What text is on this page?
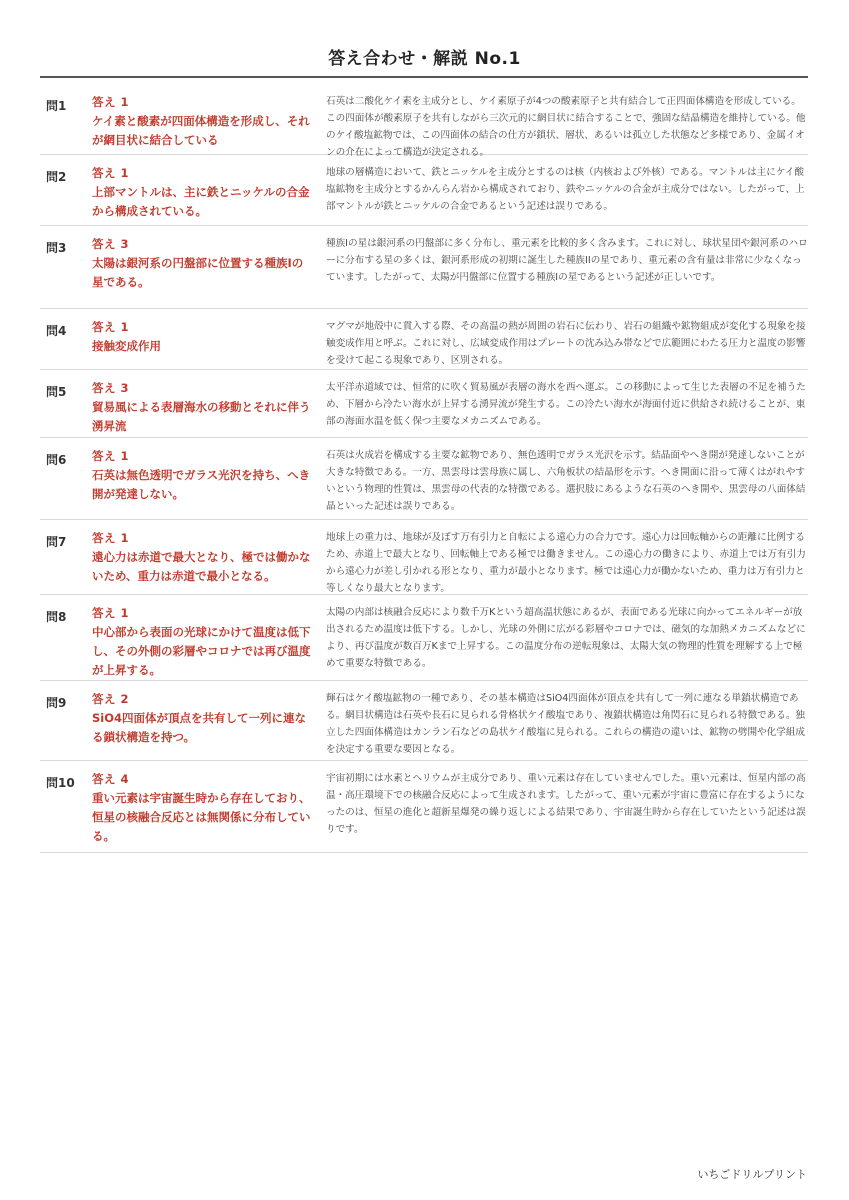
答え合わせ・解説 No.1
問1	答え 1
ケイ素と酸素が四面体構造を形成し、それが網目状に結合している
石英は二酸化ケイ素を主成分とし、ケイ素原子が4つの酸素原子と共有結合して正四面体構造を形成している。この四面体が酸素原子を共有しながら三次元的に網目状に結合することで、強固な結晶構造を維持している。他のケイ酸塩鉱物では、この四面体の結合の仕方が鎖状、層状、あるいは孤立した状態など多様であり、金属イオンの介在によって構造が決定される。
問2	答え 1
上部マントルは、主に鉄とニッケルの合金から構成されている。
地球の層構造において、鉄とニッケルを主成分とするのは核（内核および外核）である。マントルは主にケイ酸塩鉱物を主成分とするかんらん岩から構成されており、鉄やニッケルの合金が主成分ではない。したがって、上部マントルが鉄とニッケルの合金であるという記述は誤りである。
問3	答え 3
太陽は銀河系の円盤部に位置する種族Iの星である。
種族Iの星は銀河系の円盤部に多く分布し、重元素を比較的多く含みます。これに対し、球状星団や銀河系のハローに分布する星の多くは、銀河系形成の初期に誕生した種族IIの星であり、重元素の含有量は非常に少なくなっています。したがって、太陽が円盤部に位置する種族Iの星であるという記述が正しいです。
問4	答え 1
接触変成作用
マグマが地殻中に貫入する際、その高温の熱が周囲の岩石に伝わり、岩石の組織や鉱物組成が変化する現象を接触変成作用と呼ぶ。これに対し、広域変成作用はプレートの沈み込み帯などで広範囲にわたる圧力と温度の影響を受けて起こる現象であり、区別される。
問5	答え 3
貿易風による表層海水の移動とそれに伴う湧昇流
太平洋赤道域では、恒常的に吹く貿易風が表層の海水を西へ運ぶ。この移動によって生じた表層の不足を補うため、下層から冷たい海水が上昇する湧昇流が発生する。この冷たい海水が海面付近に供給され続けることが、東部の海面水温を低く保つ主要なメカニズムである。
問6	答え 1
石英は無色透明でガラス光沢を持ち、へき開が発達しない。
石英は火成岩を構成する主要な鉱物であり、無色透明でガラス光沢を示す。結晶面やへき開が発達しないことが大きな特徴である。一方、黒雲母は雲母族に属し、六角板状の結晶形を示す。へき開面に沿って薄くはがれやすいという物理的性質は、黒雲母の代表的な特徴である。選択肢にあるような石英のへき開や、黒雲母の八面体結晶といった記述は誤りである。
問7	答え 1
遠心力は赤道で最大となり、極では働かないため、重力は赤道で最小となる。
地球上の重力は、地球が及ぼす万有引力と自転による遠心力の合力です。遠心力は回転軸からの距離に比例するため、赤道上で最大となり、回転軸上である極では働きません。この遠心力の働きにより、赤道上では万有引力から遠心力が差し引かれる形となり、重力が最小となります。極では遠心力が働かないため、重力は万有引力と等しくなり最大となります。
問8	答え 1
中心部から表面の光球にかけて温度は低下し、その外側の彩層やコロナでは再び温度が上昇する。
太陽の内部は核融合反応により数千万Kという超高温状態にあるが、表面である光球に向かってエネルギーが放出されるため温度は低下する。しかし、光球の外側に広がる彩層やコロナでは、磁気的な加熱メカニズムなどにより、再び温度が数百万Kまで上昇する。この温度分布の逆転現象は、太陽大気の物理的性質を理解する上で極めて重要な特徴である。
問9	答え 2
SiO4四面体が頂点を共有して一列に連なる鎖状構造を持つ。
輝石はケイ酸塩鉱物の一種であり、その基本構造はSiO4四面体が頂点を共有して一列に連なる単鎖状構造である。網目状構造は石英や長石に見られる骨格状ケイ酸塩であり、複鎖状構造は角閃石に見られる特徴である。独立した四面体構造はカンラン石などの島状ケイ酸塩に見られる。これらの構造の違いは、鉱物の劈開や化学組成を決定する重要な要因となる。
問10	答え 4
重い元素は宇宙誕生時から存在しており、恒星の核融合反応とは無関係に分布している。
宇宙初期には水素とヘリウムが主成分であり、重い元素は存在していませんでした。重い元素は、恒星内部の高温・高圧環境下での核融合反応によって生成されます。したがって、重い元素が宇宙に豊富に存在するようになったのは、恒星の進化と超新星爆発の繰り返しによる結果であり、宇宙誕生時から存在していたという記述は誤りです。
いちごドリルプリント
